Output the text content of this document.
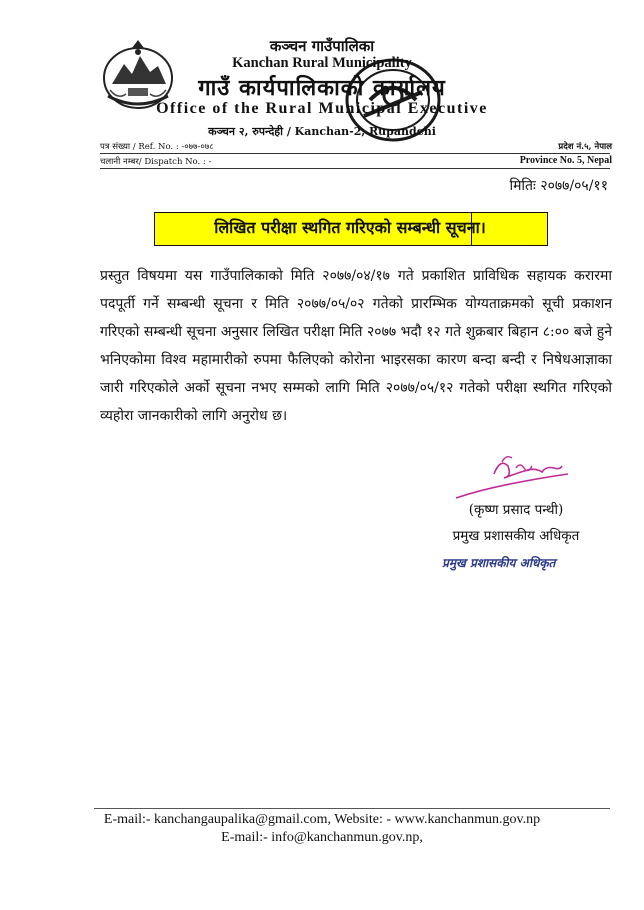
कञ्चन गाउँपालिका
Kanchan Rural Municipality
गाउँ कार्यपालिकाको कार्यालय
Office of the Rural Municipal Executive
कञ्चन २, रुपन्देही / Kanchan-2, Rupandehi
पत्र संख्या / Ref. No. : -०७७-०७८
चलानी नम्बर/ Dispatch No. : -
प्रदेश नं.५, नेपाल
Province No. 5, Nepal
मितिः २०७७/०५/११
लिखित परीक्षा स्थगित गरिएको सम्बन्धी सूचना।
प्रस्तुत विषयमा यस गाउँपालिकाको मिति २०७७/०४/१७ गते प्रकाशित प्राविधिक सहायक करारमा पदपूर्ती गर्ने सम्बन्धी सूचना र मिति २०७७/०५/०२ गतेको प्रारम्भिक योग्यताक्रमको सूची प्रकाशन गरिएको सम्बन्धी सूचना अनुसार लिखित परीक्षा मिति २०७७ भदौ १२ गते शुक्रबार बिहान ८:०० बजे हुने भनिएकोमा विश्व महामारीको रुपमा फैलिएको कोरोना भाइरसका कारण बन्दा बन्दी र निषेधआज्ञाका जारी गरिएकोले अर्को सूचना नभए सम्मको लागि मिति २०७७/०५/१२ गतेको परीक्षा स्थगित गरिएको व्यहोरा जानकारीको लागि अनुरोध छ।
(कृष्ण प्रसाद पन्थी)
प्रमुख प्रशासकीय अधिकृत
प्रमुख प्रशासकीय अधिकृत
E-mail:- kanchangaupalika@gmail.com, Website: - www.kanchanmun.gov.np
E-mail:- info@kanchanmun.gov.np,
